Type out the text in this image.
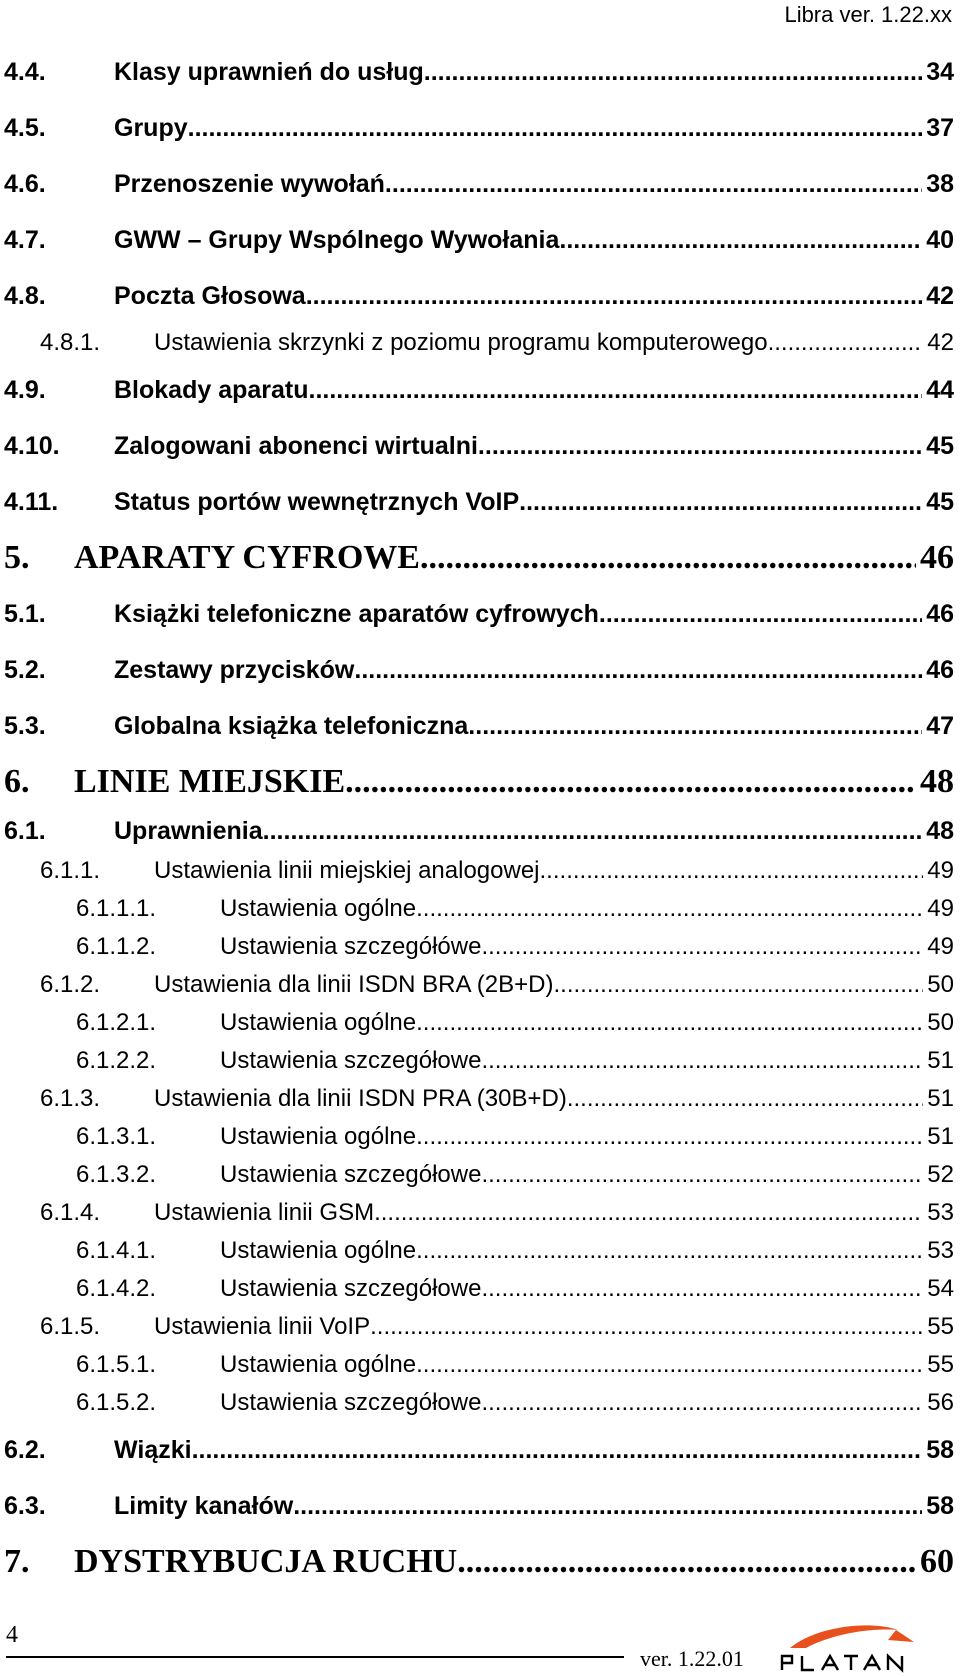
Libra ver. 1.22.xx
4.4.	Klasy uprawnień do usług .....	34
4.5.	Grupy .....	37
4.6.	Przenoszenie wywołań .....	38
4.7.	GWW – Grupy Wspólnego Wywołania .....	40
4.8.	Poczta Głosowa .....	42
4.8.1.	Ustawienia skrzynki z poziomu programu komputerowego .....	42
4.9.	Blokady aparatu .....	44
4.10.	Zalogowani abonenci wirtualni .....	45
4.11.	Status portów wewnętrznych VoIP .....	45
5.	APARATY CYFROWE .....	46
5.1.	Książki telefoniczne aparatów cyfrowych .....	46
5.2.	Zestawy przycisków .....	46
5.3.	Globalna książka telefoniczna .....	47
6.	LINIE MIEJSKIE .....	48
6.1.	Uprawnienia .....	48
6.1.1.	Ustawienia linii miejskiej analogowej .....	49
6.1.1.1.	Ustawienia ogólne .....	49
6.1.1.2.	Ustawienia szczegółówe .....	49
6.1.2.	Ustawienia dla linii ISDN BRA (2B+D) .....	50
6.1.2.1.	Ustawienia ogólne .....	50
6.1.2.2.	Ustawienia szczegółowe .....	51
6.1.3.	Ustawienia dla linii ISDN PRA (30B+D) .....	51
6.1.3.1.	Ustawienia ogólne .....	51
6.1.3.2.	Ustawienia szczegółowe .....	52
6.1.4.	Ustawienia linii GSM .....	53
6.1.4.1.	Ustawienia ogólne .....	53
6.1.4.2.	Ustawienia szczegółowe .....	54
6.1.5.	Ustawienia linii VoIP .....	55
6.1.5.1.	Ustawienia ogólne .....	55
6.1.5.2.	Ustawienia szczegółowe .....	56
6.2.	Wiązki .....	58
6.3.	Limity kanałów .....	58
7.	DYSTRYBUCJA RUCHU .....	60
4
ver. 1.22.01
